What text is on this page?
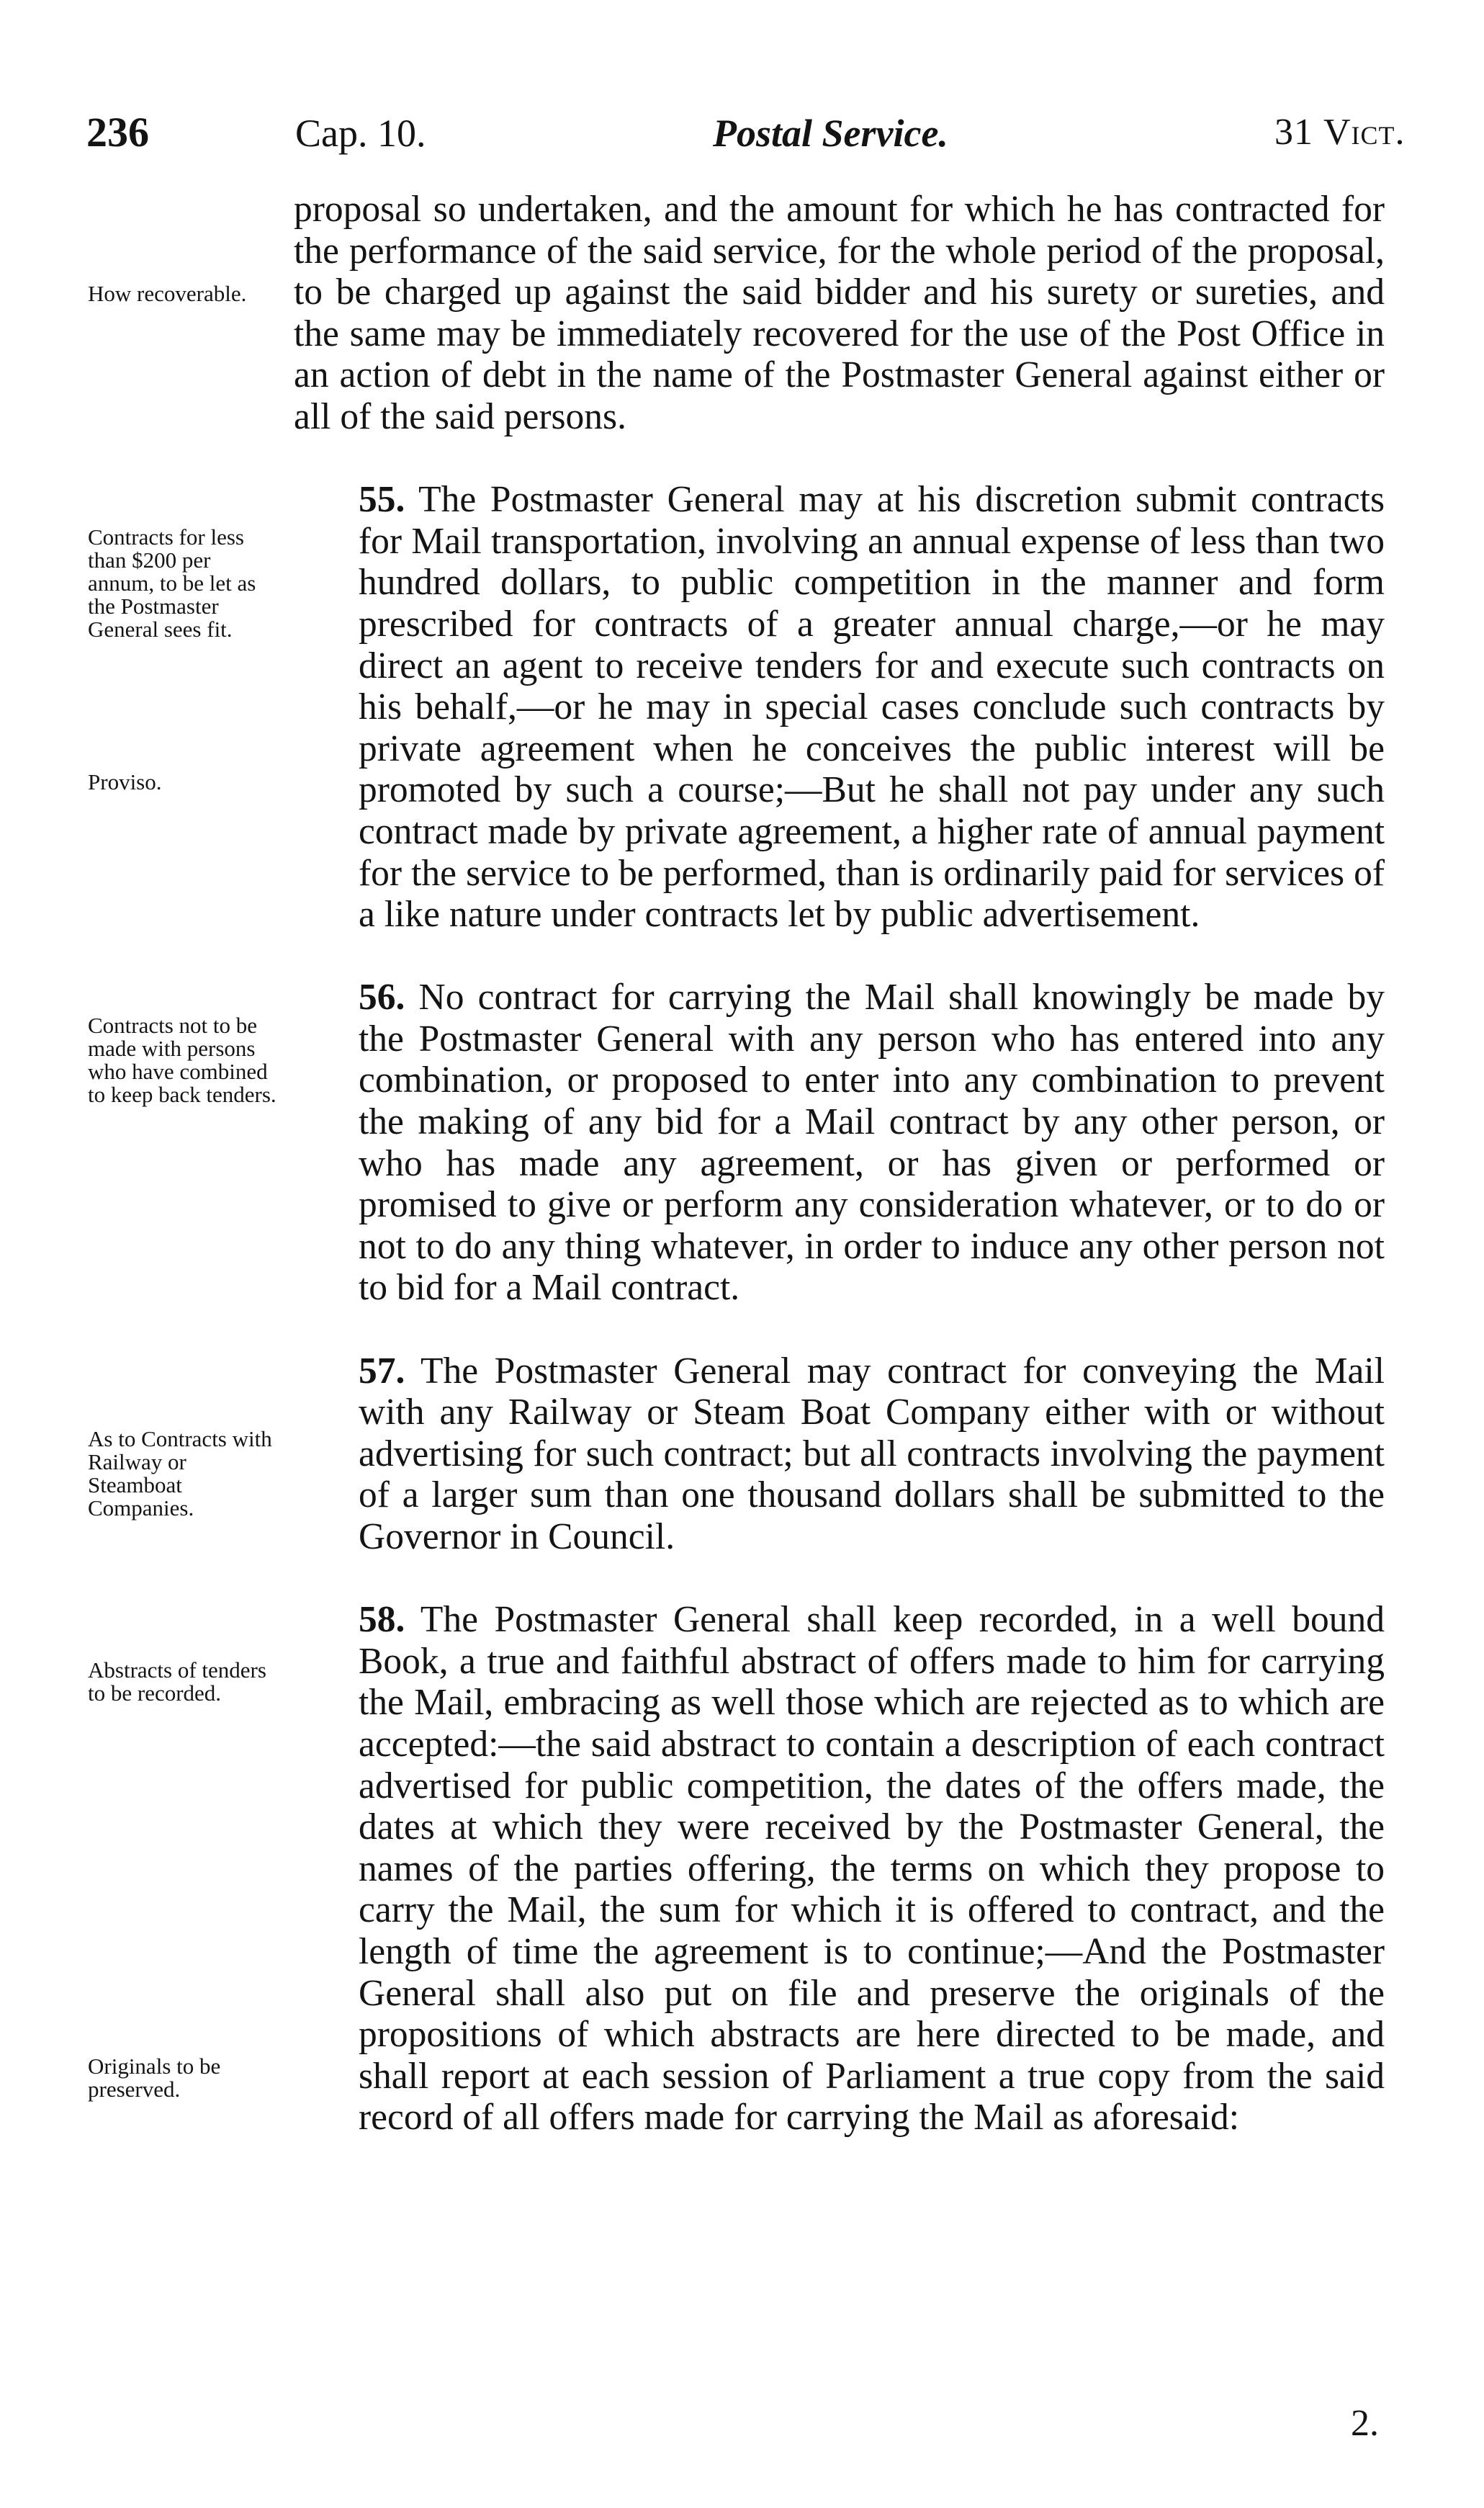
236	Cap. 10.	Postal Service.	31 Vict.
How recoverable.
Contracts for less than $200 per annum, to be let as the Postmaster General sees fit.
Proviso.
Contracts not to be made with persons who have combined to keep back tenders.
As to Contracts with Railway or Steamboat Companies.
Abstracts of tenders to be recorded.
Originals to be preserved.

proposal so undertaken, and the amount for which he has contracted for the performance of the said service, for the whole period of the proposal, to be charged up against the said bidder and his surety or sureties, and the same may be immediately recovered for the use of the Post Office in an action of debt in the name of the Postmaster General against either or all of the said persons.

55. The Postmaster General may at his discretion submit contracts for Mail transportation, involving an annual expense of less than two hundred dollars, to public competition in the manner and form prescribed for contracts of a greater annual charge,—or he may direct an agent to receive tenders for and execute such contracts on his behalf,—or he may in special cases conclude such contracts by private agreement when he conceives the public interest will be promoted by such a course;—But he shall not pay under any such contract made by private agreement, a higher rate of annual payment for the service to be performed, than is ordinarily paid for services of a like nature under contracts let by public advertisement.

56. No contract for carrying the Mail shall knowingly be made by the Postmaster General with any person who has entered into any combination, or proposed to enter into any combination to prevent the making of any bid for a Mail contract by any other person, or who has made any agreement, or has given or performed or promised to give or perform any consideration whatever, or to do or not to do any thing whatever, in order to induce any other person not to bid for a Mail contract.

57. The Postmaster General may contract for conveying the Mail with any Railway or Steam Boat Company either with or without advertising for such contract; but all contracts involving the payment of a larger sum than one thousand dollars shall be submitted to the Governor in Council.

58. The Postmaster General shall keep recorded, in a well bound Book, a true and faithful abstract of offers made to him for carrying the Mail, embracing as well those which are rejected as to which are accepted:—the said abstract to contain a description of each contract advertised for public competition, the dates of the offers made, the dates at which they were received by the Postmaster General, the names of the parties offering, the terms on which they propose to carry the Mail, the sum for which it is offered to contract, and the length of time the agreement is to continue;—And the Postmaster General shall also put on file and preserve the originals of the propositions of which abstracts are here directed to be made, and shall report at each session of Parliament a true copy from the said record of all offers made for carrying the Mail as aforesaid:

2.
